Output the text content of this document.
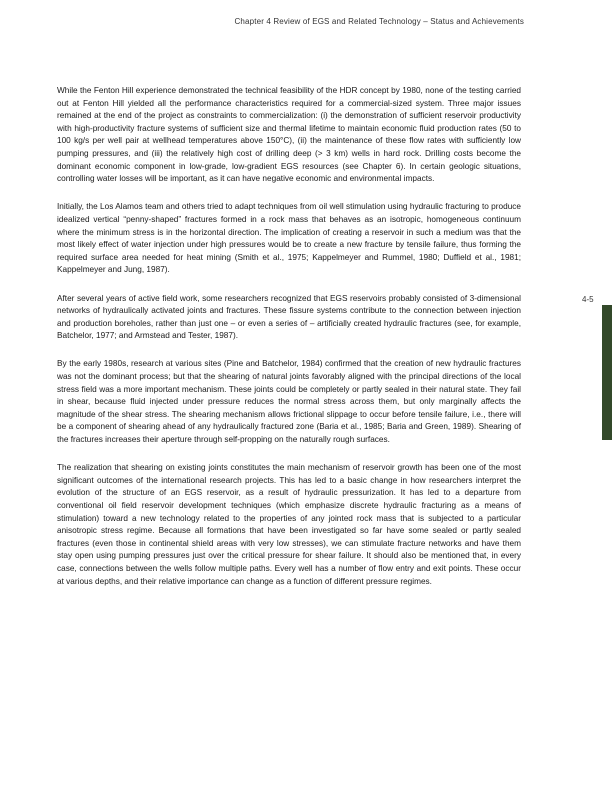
Chapter 4 Review of EGS and Related Technology – Status and Achievements
4-5

While the Fenton Hill experience demonstrated the technical feasibility of the HDR concept by 1980, none of the testing carried out at Fenton Hill yielded all the performance characteristics required for a commercial-sized system. Three major issues remained at the end of the project as constraints to commercialization: (i) the demonstration of sufficient reservoir productivity with high-productivity fracture systems of sufficient size and thermal lifetime to maintain economic fluid production rates (50 to 100 kg/s per well pair at wellhead temperatures above 150°C), (ii) the maintenance of these flow rates with sufficiently low pumping pressures, and (iii) the relatively high cost of drilling deep (> 3 km) wells in hard rock. Drilling costs become the dominant economic component in low-grade, low-gradient EGS resources (see Chapter 6). In certain geologic situations, controlling water losses will be important, as it can have negative economic and environmental impacts.

Initially, the Los Alamos team and others tried to adapt techniques from oil well stimulation using hydraulic fracturing to produce idealized vertical “penny-shaped” fractures formed in a rock mass that behaves as an isotropic, homogeneous continuum where the minimum stress is in the horizontal direction. The implication of creating a reservoir in such a medium was that the most likely effect of water injection under high pressures would be to create a new fracture by tensile failure, thus forming the required surface area needed for heat mining (Smith et al., 1975; Kappelmeyer and Rummel, 1980; Duffield et al., 1981; Kappelmeyer and Jung, 1987).

After several years of active field work, some researchers recognized that EGS reservoirs probably consisted of 3-dimensional networks of hydraulically activated joints and fractures. These fissure systems contribute to the connection between injection and production boreholes, rather than just one – or even a series of – artificially created hydraulic fractures (see, for example, Batchelor, 1977; and Armstead and Tester, 1987).

By the early 1980s, research at various sites (Pine and Batchelor, 1984) confirmed that the creation of new hydraulic fractures was not the dominant process; but that the shearing of natural joints favorably aligned with the principal directions of the local stress field was a more important mechanism. These joints could be completely or partly sealed in their natural state. They fail in shear, because fluid injected under pressure reduces the normal stress across them, but only marginally affects the magnitude of the shear stress. The shearing mechanism allows frictional slippage to occur before tensile failure, i.e., there will be a component of shearing ahead of any hydraulically fractured zone (Baria et al., 1985; Baria and Green, 1989). Shearing of the fractures increases their aperture through self-propping on the naturally rough surfaces.

The realization that shearing on existing joints constitutes the main mechanism of reservoir growth has been one of the most significant outcomes of the international research projects. This has led to a basic change in how researchers interpret the evolution of the structure of an EGS reservoir, as a result of hydraulic pressurization. It has led to a departure from conventional oil field reservoir development techniques (which emphasize discrete hydraulic fracturing as a means of stimulation) toward a new technology related to the properties of any jointed rock mass that is subjected to a particular anisotropic stress regime. Because all formations that have been investigated so far have some sealed or partly sealed fractures (even those in continental shield areas with very low stresses), we can stimulate fracture networks and have them stay open using pumping pressures just over the critical pressure for shear failure. It should also be mentioned that, in every case, connections between the wells follow multiple paths. Every well has a number of flow entry and exit points. These occur at various depths, and their relative importance can change as a function of different pressure regimes.
